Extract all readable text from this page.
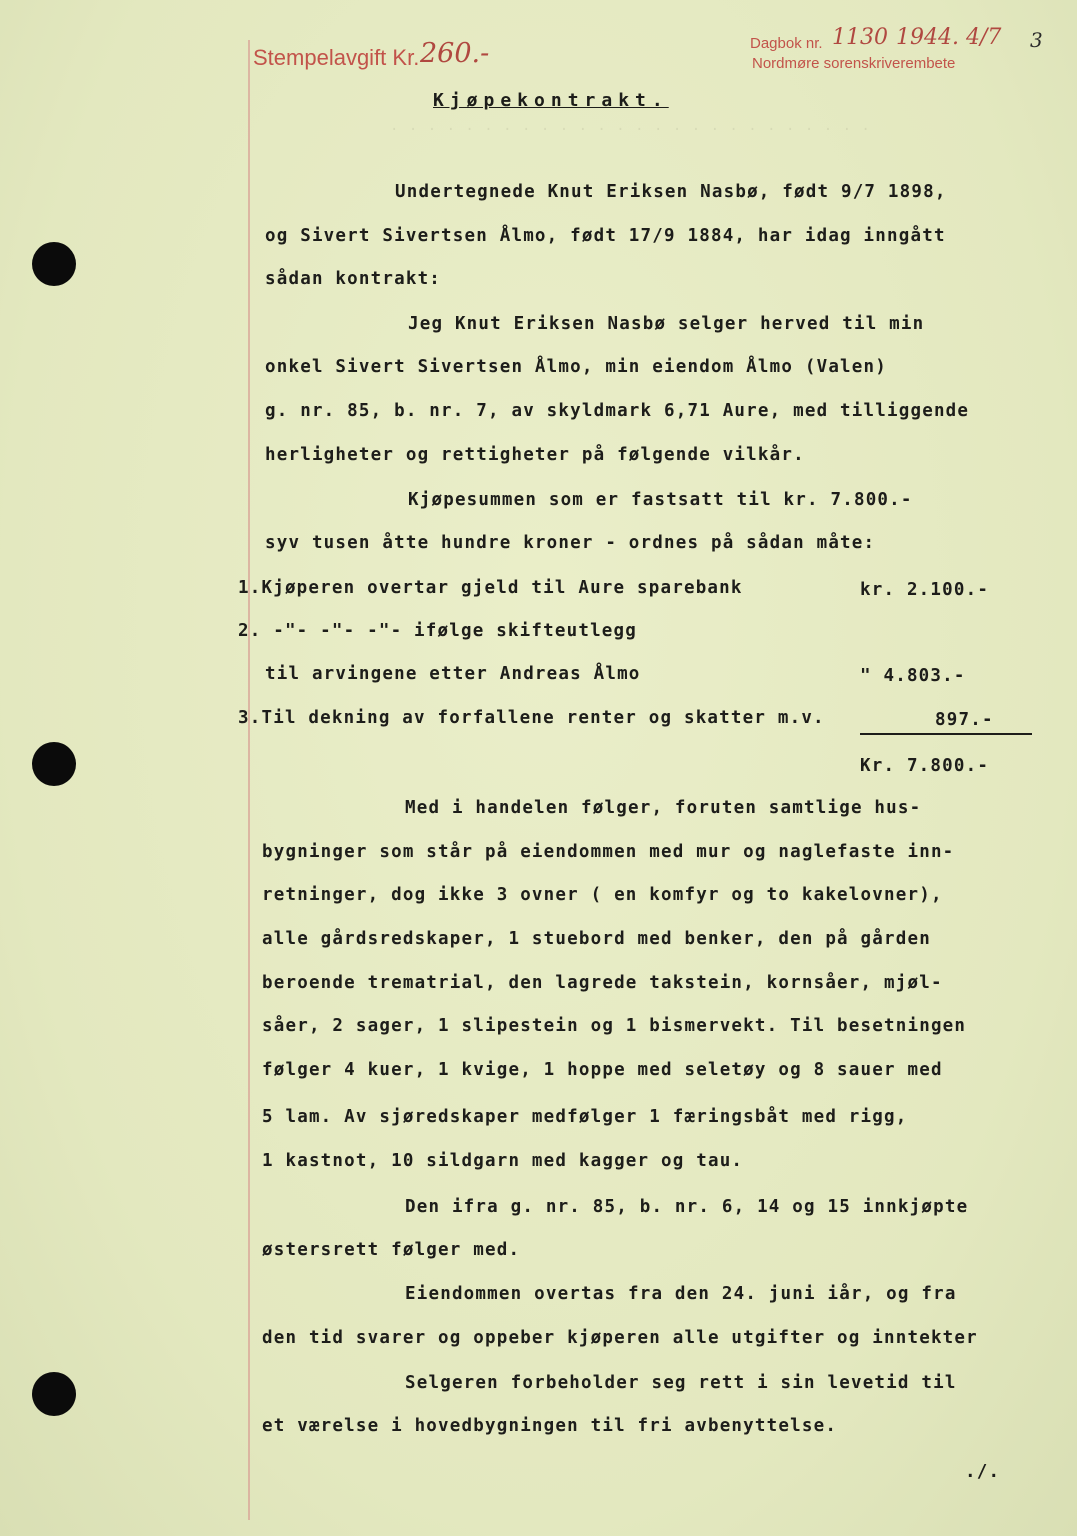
. . . . . . . . . . . . . . . . . . . . . . . . . .
Stempelavgift Kr. 260.-	Dagbok nr. 1130 1944. 4/7 3
Nordmøre sorenskriverembete
Kjøpekontrakt.
Undertegnede Knut Eriksen Nasbø, født 9/7 1898,
og Sivert Sivertsen Ålmo, født 17/9 1884, har idag inngått
sådan kontrakt:
Jeg Knut Eriksen Nasbø selger herved til min
onkel Sivert Sivertsen Ålmo, min eiendom Ålmo (Valen)
g. nr. 85, b. nr. 7, av skyldmark 6,71 Aure, med tilliggende
herligheter og rettigheter på følgende vilkår.
Kjøpesummen som er fastsatt til kr. 7.800.-
syv tusen åtte hundre kroner - ordnes på sådan måte:
1.Kjøperen overtar gjeld til Aure sparebank	kr. 2.100.-
2. -"- -"- -"- ifølge skifteutlegg
til arvingene etter Andreas Ålmo	" 4.803.-
3.Til dekning av forfallene renter og skatter m.v.	897.-
Kr. 7.800.-
Med i handelen følger, foruten samtlige hus-
bygninger som står på eiendommen med mur og naglefaste inn-
retninger, dog ikke 3 ovner ( en komfyr og to kakelovner),
alle gårdsredskaper, 1 stuebord med benker, den på gården
beroende trematrial, den lagrede takstein, kornsåer, mjøl-
såer, 2 sager, 1 slipestein og 1 bismervekt. Til besetningen
følger 4 kuer, 1 kvige, 1 hoppe med seletøy og 8 sauer med
5 lam. Av sjøredskaper medfølger 1 færingsbåt med rigg,
1 kastnot, 10 sildgarn med kagger og tau.
Den ifra g. nr. 85, b. nr. 6, 14 og 15 innkjøpte
østersrett følger med.
Eiendommen overtas fra den 24. juni iår, og fra
den tid svarer og oppeber kjøperen alle utgifter og inntekter
Selgeren forbeholder seg rett i sin levetid til
et værelse i hovedbygningen til fri avbenyttelse.
./.
